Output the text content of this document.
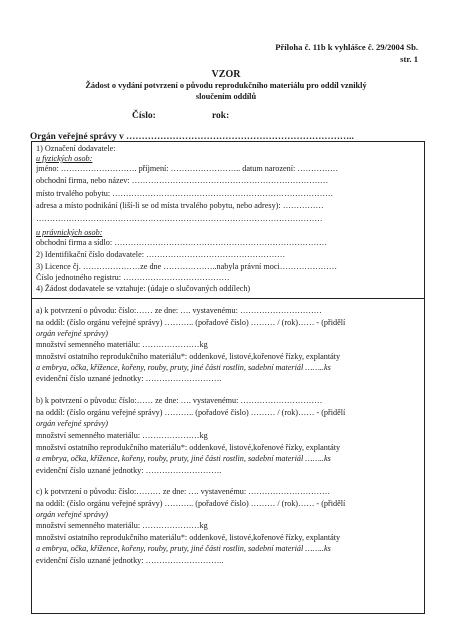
Příloha č. 11b k vyhlášce č. 29/2004 Sb.
str. 1
VZOR
Žádost o vydání potvrzení o původu reprodukčního materiálu pro oddíl vzniklý
sloučením oddílů
Číslo:	rok:
Orgán veřejné správy v ………………………………………………………………..
1) Označení dodavatele:
u fyzických osob:
jméno: ………………………. příjmení: …………………….. datum narození: ……………
obchodní firma, nebo název: ………………………………………………………………
místo trvalého pobytu: ………………………………………………………………………
adresa a místo podnikání (liší-li se od místa trvalého pobytu, nebo adresy): ……………
……………………………………………………………………………………………
u právnických osob:
obchodní firma a sídlo: ……………………………………………………………………
2) Identifikační číslo dodavatele: ……………………………………………
3) Licence čj. …………………ze dne ………………..nabyla právní moci…………………
Číslo jednotného registru: …………………………………
4) Žádost dodavatele se vztahuje: (údaje o slučovaných oddílech)
a) k potvrzení o původu: číslo:…… ze dne: …. vystavenému: …………………………
na oddíl: (číslo orgánu veřejné správy) ……….. (pořadové číslo) ……… / (rok)…… - (přidělí
orgán veřejné správy)
množství semenného materiálu: …………………kg
množství ostatního reprodukčního materiálu*: oddenkové, listové,kořenové řízky, explantáty
a embrya, očka, křížence, kořeny, rouby, pruty, jiné části rostlin, sadební materiál ……..ks
evidenční číslo uznané jednotky: ……………………….
b) k potvrzení o původu: číslo:…… ze dne: …. vystavenému: …………………………
na oddíl: (číslo orgánu veřejné správy) ……….. (pořadové číslo) ……… / (rok)…… - (přidělí
orgán veřejné správy)
množství semenného materiálu: …………………kg
množství ostatního reprodukčního materiálu*: oddenkové, listové,kořenové řízky, explantáty
a embrya, očka, křížence, kořeny, rouby, pruty, jiné části rostlin, sadební materiál ……..ks
evidenční číslo uznané jednotky: ……………………….
c) k potvrzení o původu: číslo:……… ze dne: …. vystavenému: …………………………
na oddíl: (číslo orgánu veřejné správy) ……….. (pořadové číslo) ……… / (rok)…… - (přidělí
orgán veřejné správy)
množství semenného materiálu: …………………kg
množství ostatního reprodukčního materiálu*: oddenkové, listové,kořenové řízky, explantáty
a embrya, očka, křížence, kořeny, rouby, pruty, jiné části rostlin, sadební materiál ……..ks
evidenční číslo uznané jednotky: ………………………..
